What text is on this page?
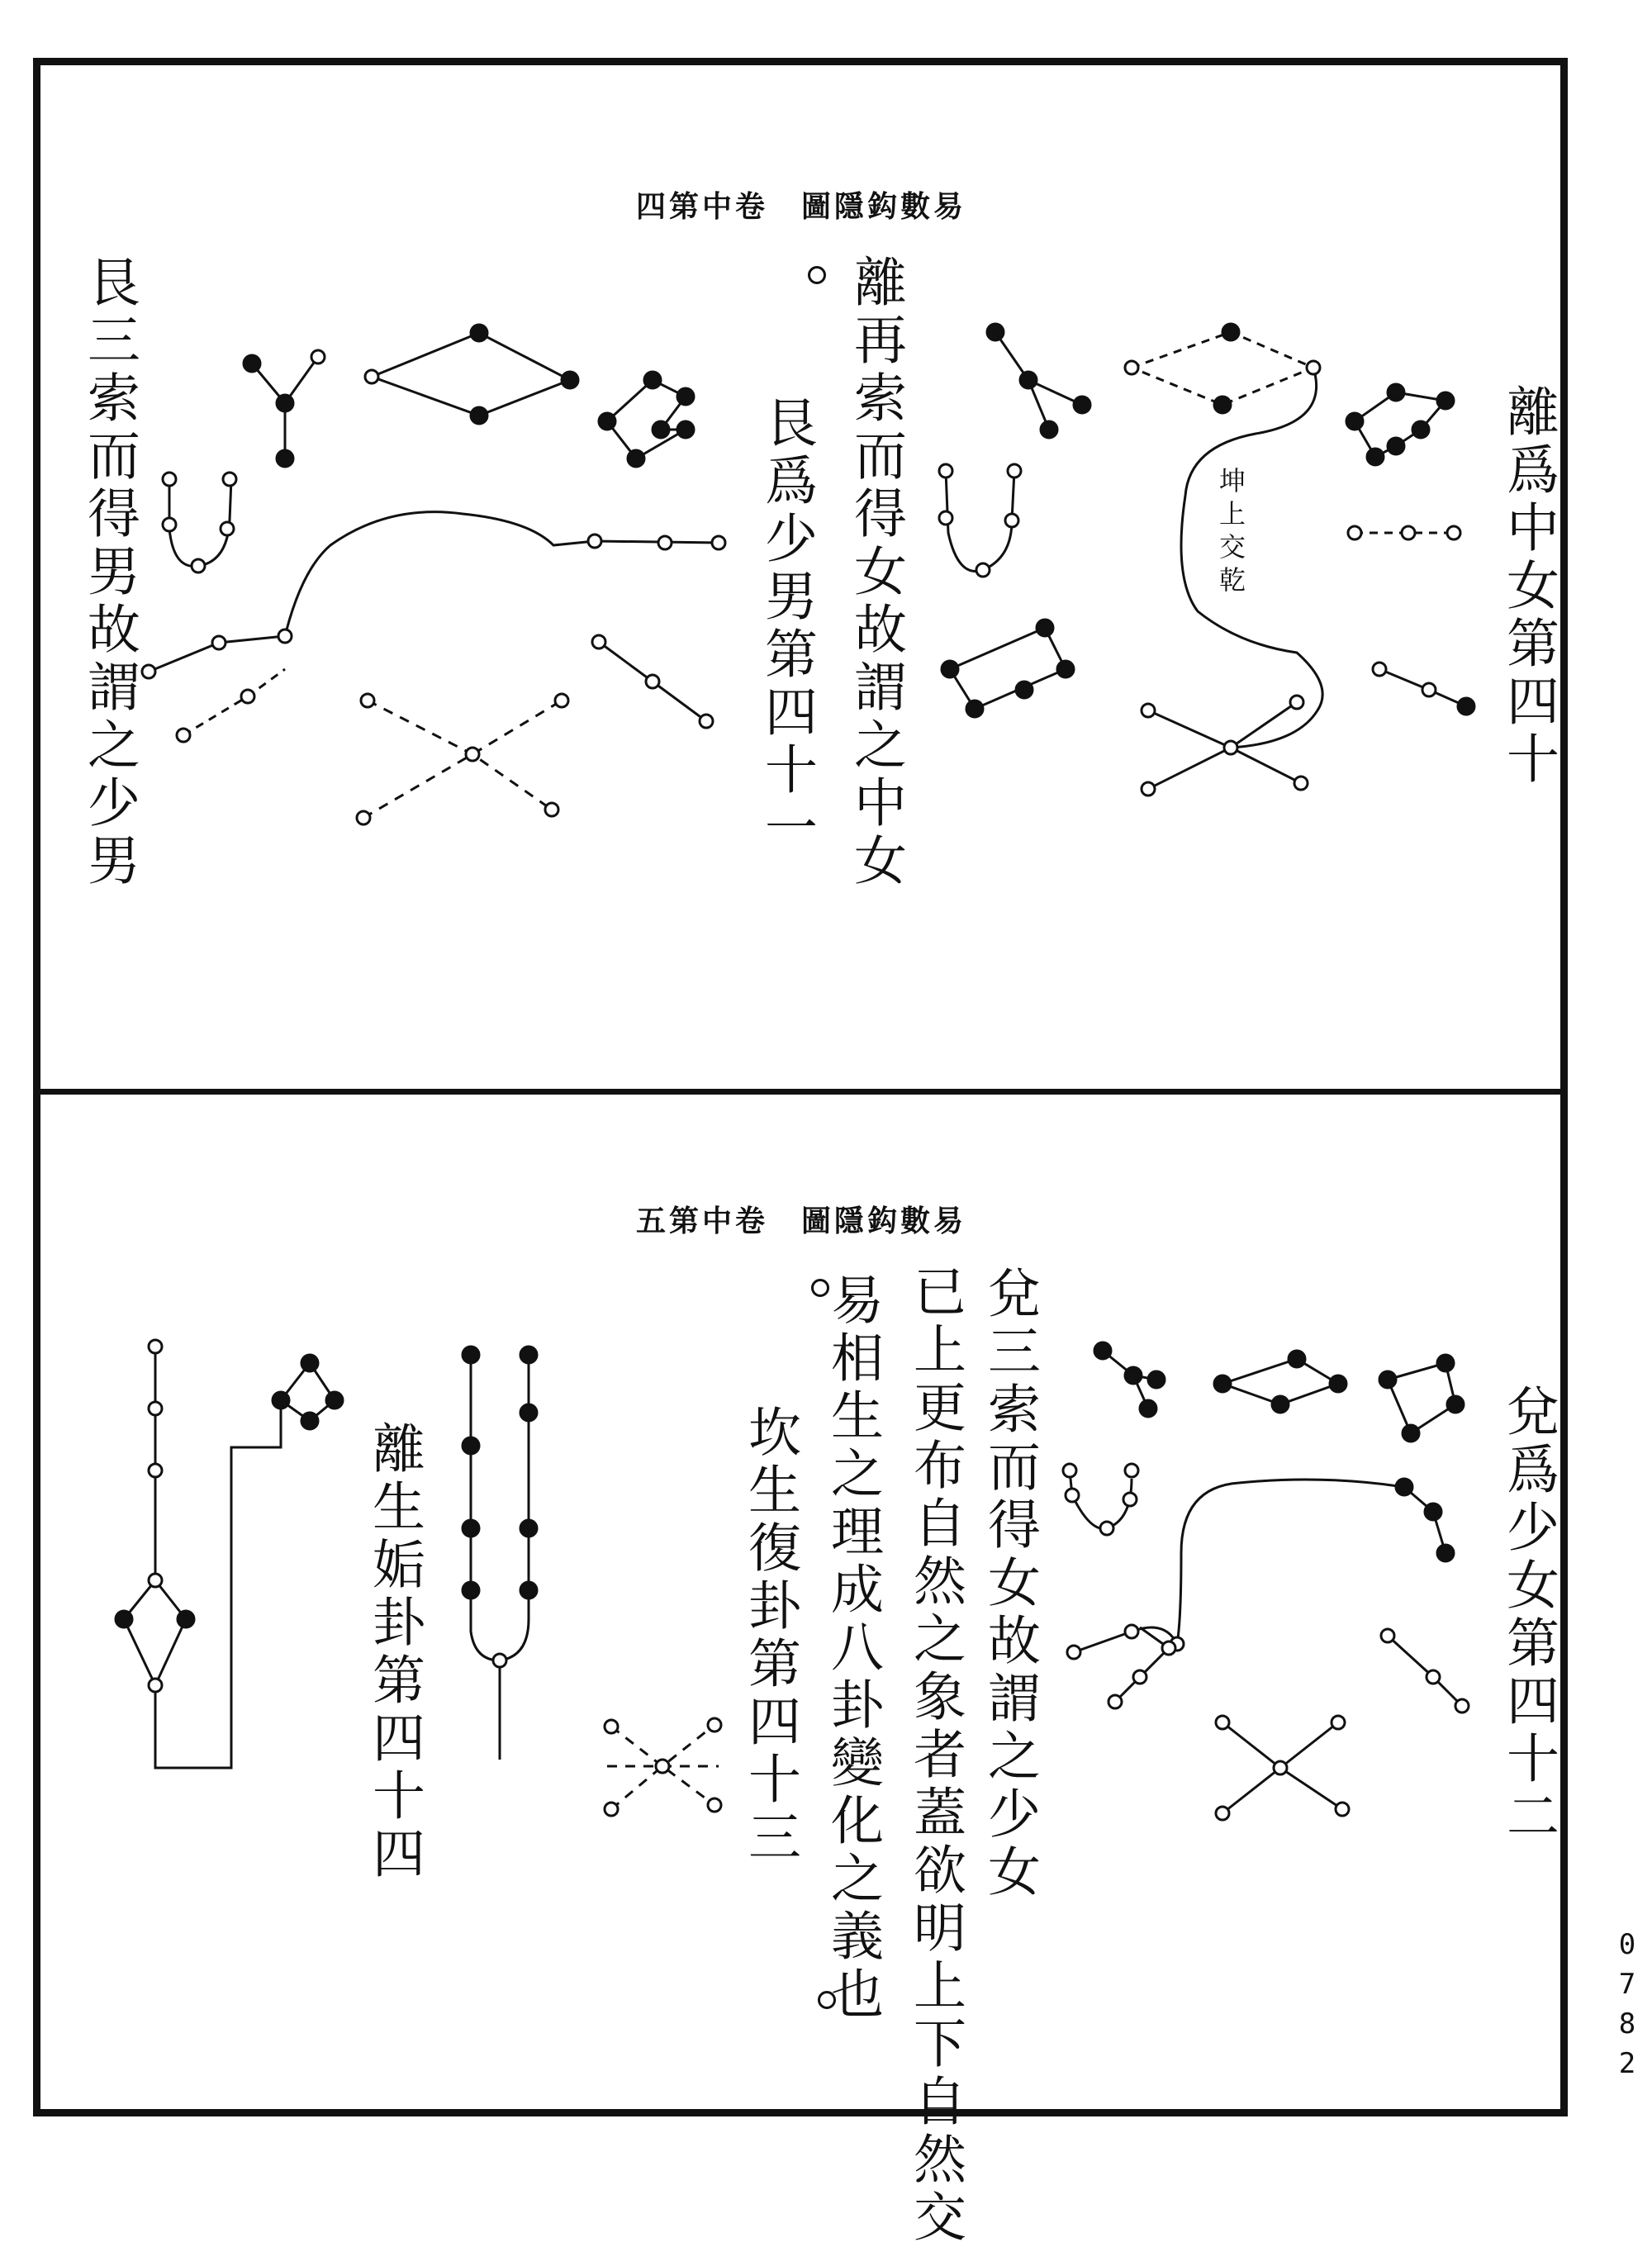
四第中卷　圖隱鈎數易
離爲中女第四十
坤上交乾
離再索而得女故謂之中女
艮爲少男第四十一
艮三索而得男故謂之少男
五第中卷　圖隱鈎數易
兌爲少女第四十二
兌三索而得女故謂之少女
已上更布自然之象者蓋欲明上下自然交
易相生之理成八卦變化之義也
坎生復卦第四十三
離生姤卦第四十四
0782
